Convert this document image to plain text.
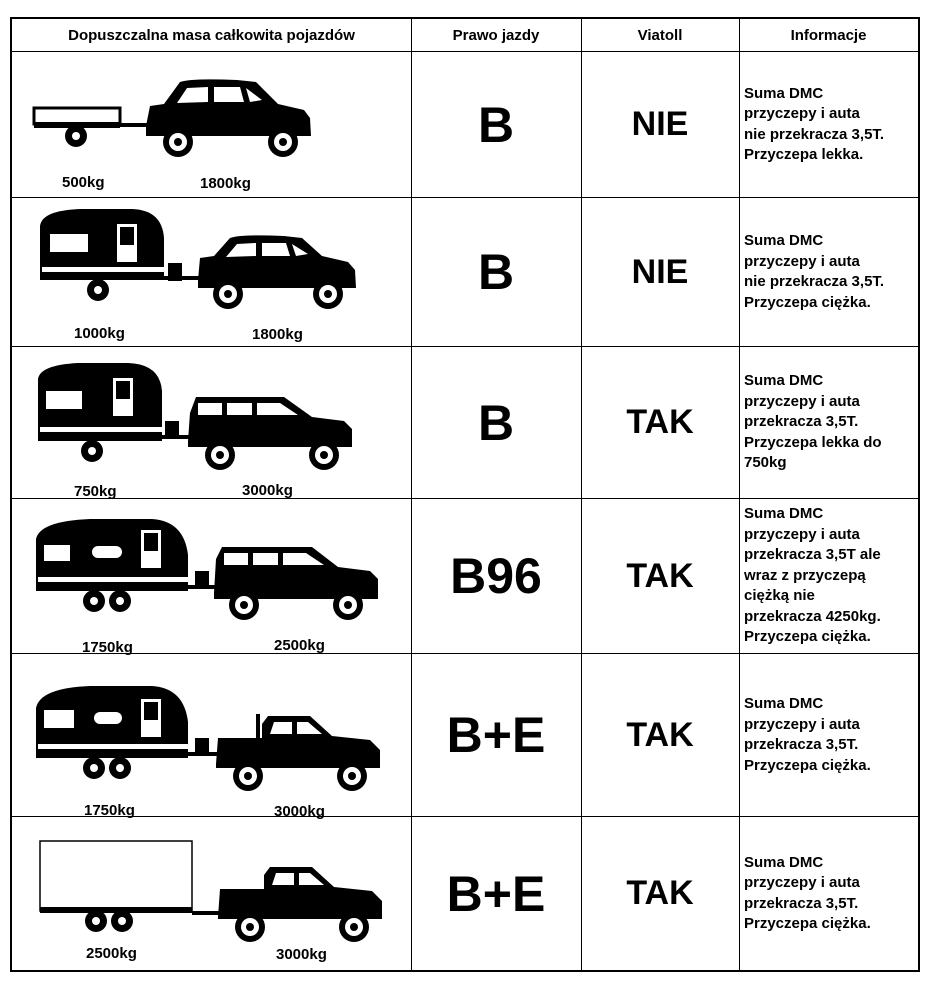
Dopuszczalna masa całkowita pojazdów	Prawo jazdy	Viatoll	Informacje
500kg	1800kg
B	NIE
Suma DMC
przyczepy i auta
nie przekracza 3,5T.
Przyczepa lekka.
1000kg	1800kg
B	NIE
Suma DMC
przyczepy i auta
nie przekracza 3,5T.
Przyczepa ciężka.
750kg	3000kg
B	TAK
Suma DMC
przyczepy i auta
przekracza 3,5T.
Przyczepa lekka do
750kg
1750kg	2500kg
B96	TAK
Suma DMC
przyczepy i auta
przekracza 3,5T ale
wraz z przyczepą
ciężką nie
przekracza 4250kg.
Przyczepa ciężka.
1750kg	3000kg
B+E	TAK
Suma DMC
przyczepy i auta
przekracza 3,5T.
Przyczepa ciężka.
2500kg	3000kg
B+E	TAK
Suma DMC
przyczepy i auta
przekracza 3,5T.
Przyczepa ciężka.
